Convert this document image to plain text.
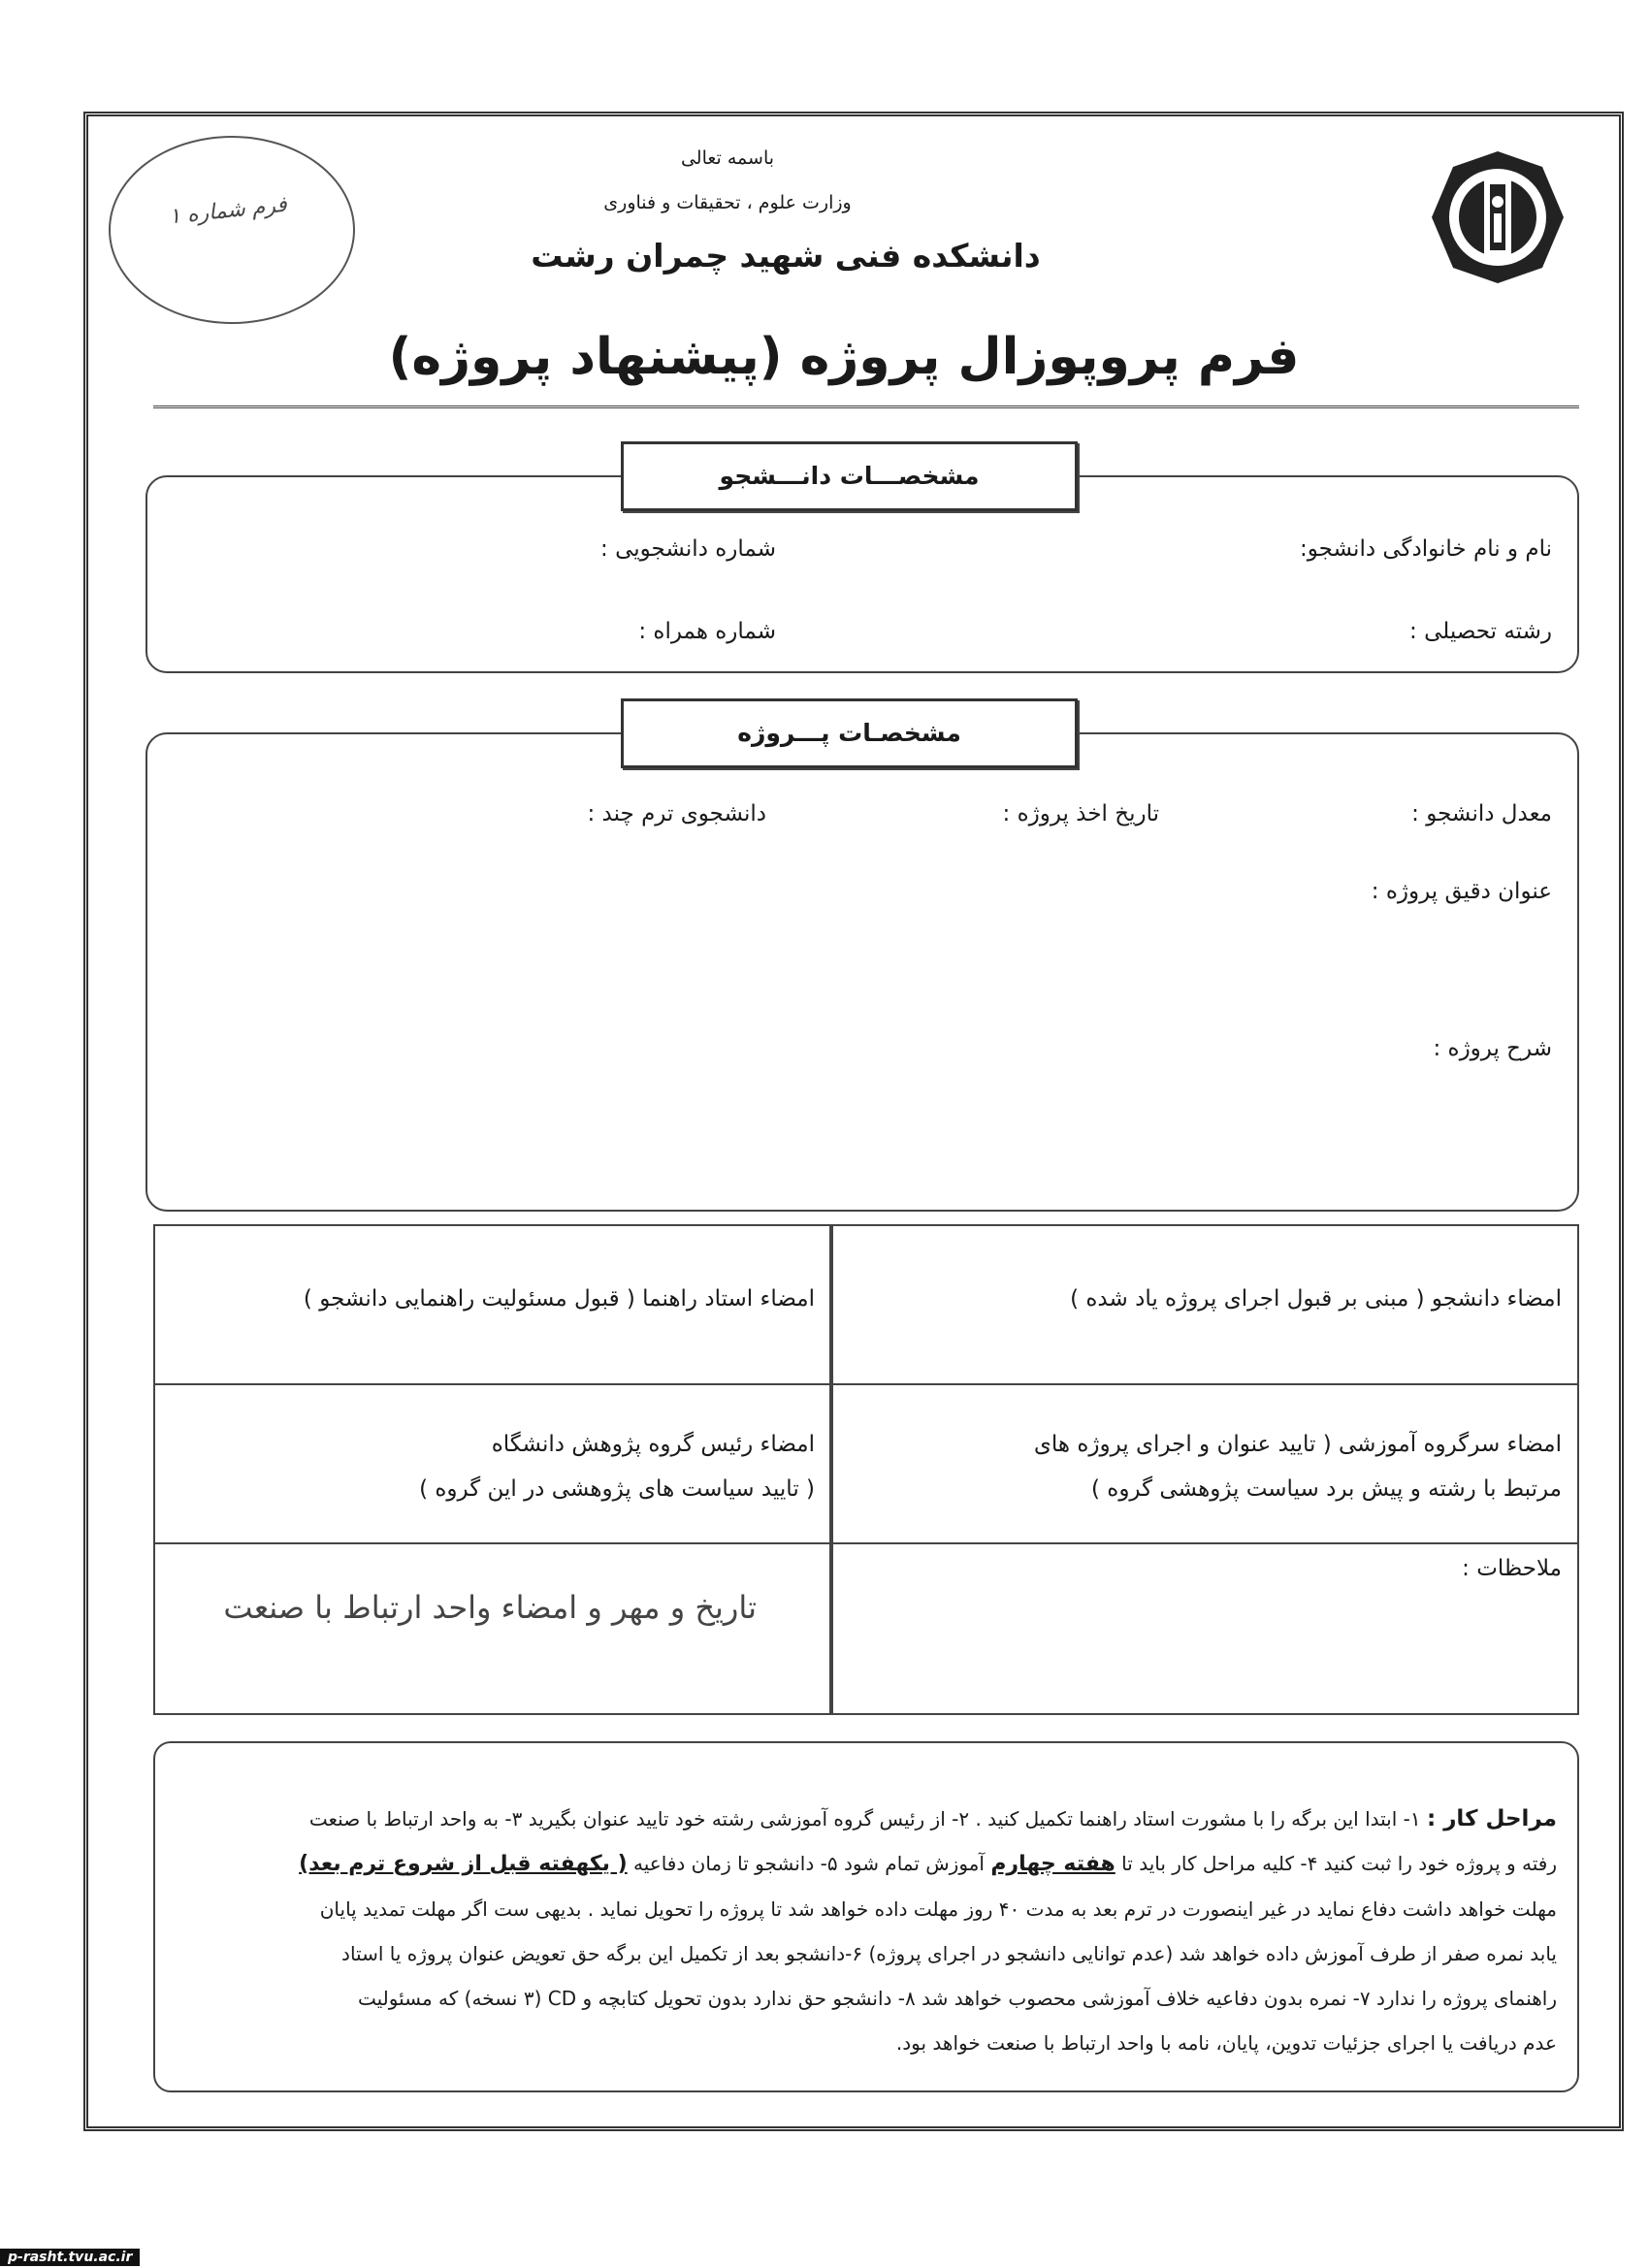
فرم شماره ۱
باسمه تعالی
وزارت علوم ، تحقیقات و فناوری
دانشکده فنی شهید چمران رشت
فرم پروپوزال پروژه (پیشنهاد پروژه)
مشخصـــات دانـــشجو
نام و نام خانوادگی دانشجو:
شماره دانشجویی :
رشته تحصیلی :
شماره همراه :
مشخصـات پـــروژه
معدل دانشجو :
تاریخ اخذ پروژه :
دانشجوی ترم چند :
عنوان دقیق پروژه :
شرح پروژه :
امضاء دانشجو ( مبنی بر قبول اجرای پروژه یاد شده )
امضاء استاد راهنما ( قبول مسئولیت راهنمایی دانشجو )
امضاء سرگروه آموزشی ( تایید عنوان و اجرای پروژه های
مرتبط با رشته و پیش برد سیاست پژوهشی گروه )
امضاء رئیس گروه پژوهش دانشگاه
( تایید سیاست های پژوهشی در این گروه )
ملاحظات :
تاریخ و مهر و امضاء واحد ارتباط با صنعت

مراحل کار : ۱- ابتدا این برگه را با مشورت استاد راهنما تکمیل کنید . ۲- از رئیس گروه آموزشی رشته خود تایید عنوان بگیرید ۳- به واحد ارتباط با صنعت

رفته و پروژه خود را ثبت کنید ۴- کلیه مراحل کار باید تا هفته چهارم آموزش تمام شود ۵- دانشجو تا زمان دفاعیه ( یکهفته قبل از شروع ترم بعد)

مهلت خواهد داشت دفاع نماید در غیر اینصورت در ترم بعد به مدت ۴۰ روز مهلت داده خواهد شد تا پروژه را تحویل نماید . بدیهی ست اگر مهلت تمدید پایان

یابد نمره صفر از طرف آموزش داده خواهد شد (عدم توانایی دانشجو در اجرای پروژه) ۶-دانشجو بعد از تکمیل این برگه حق تعویض عنوان پروژه یا استاد

راهنمای پروژه را ندارد ۷- نمره بدون دفاعیه خلاف آموزشی محصوب خواهد شد ۸- دانشجو حق ندارد بدون تحویل کتابچه و CD (۳ نسخه) که مسئولیت

عدم دریافت یا اجرای جزئیات تدوین، پایان، نامه با واحد ارتباط با صنعت خواهد بود.

p-rasht.tvu.ac.ir
